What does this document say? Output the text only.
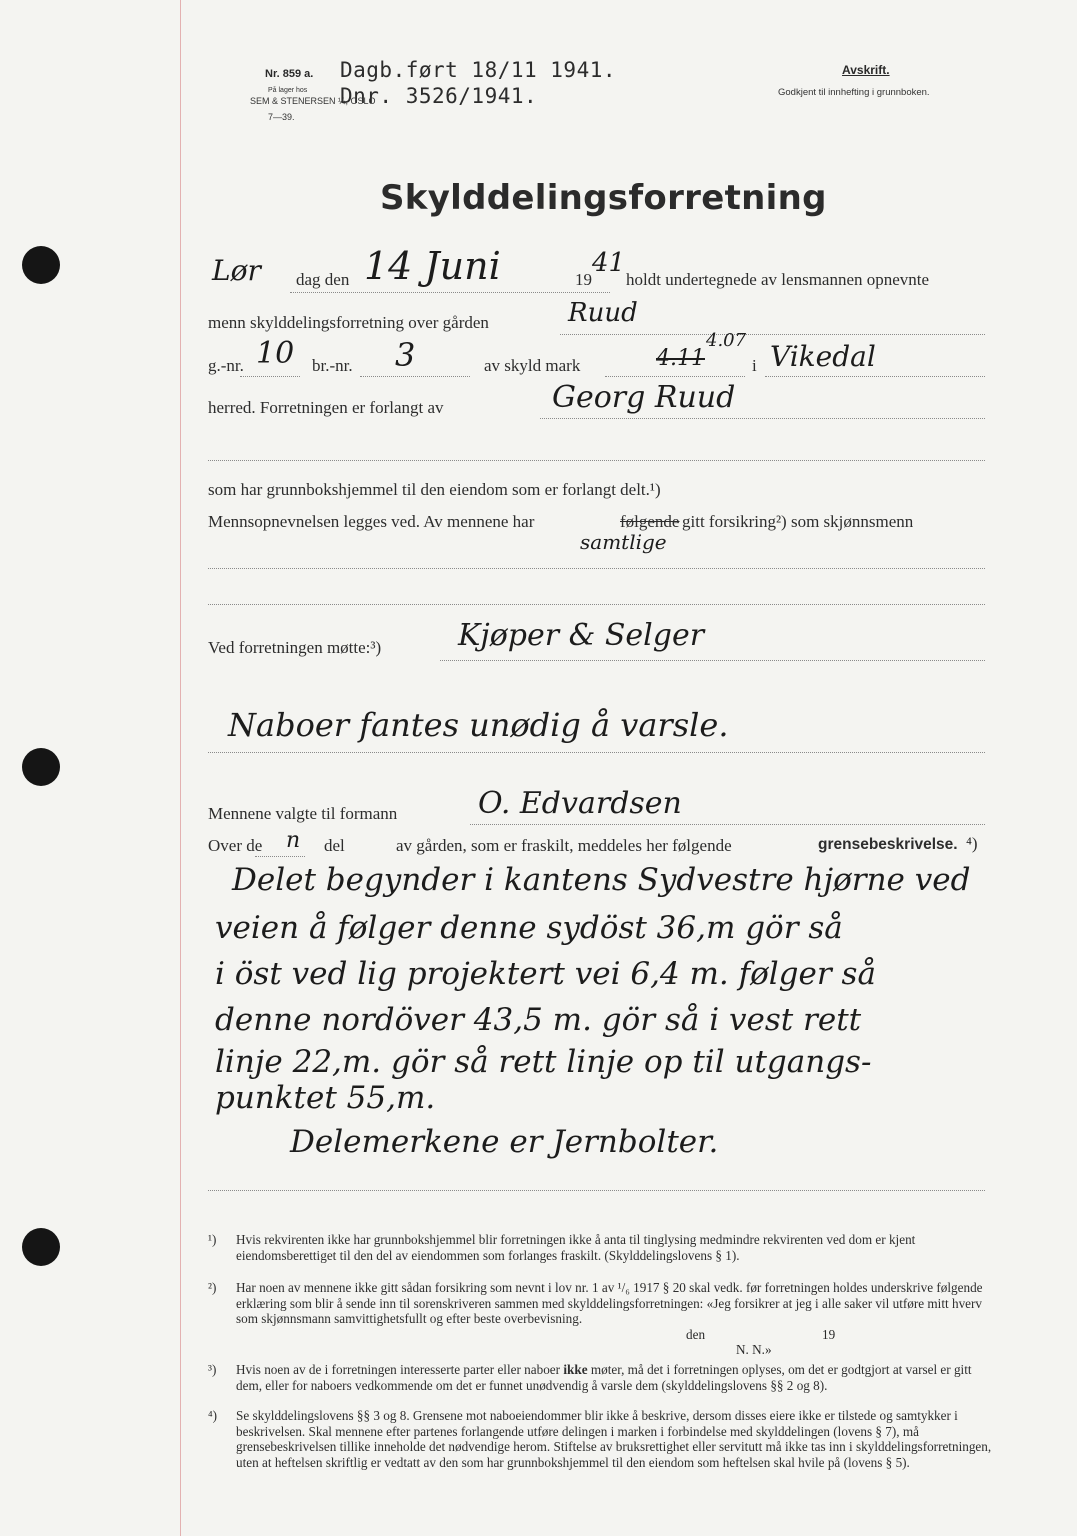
Nr. 859 a. Dagb.ført 18/11 1941.
Dnr. 3526/1941.
På lager hos
SEM & STENERSEN ¼, OSLO
7—39.
Avskrift.
Godkjent til innhefting i grunnboken.
Skylddelingsforretning
Lør dag den 14 Juni	19
41
holdt undertegnede av lensmannen opnevnte
menn skylddelingsforretning over gården	Ruud
g.-nr. 10 br.-nr. 3	av skyld mark	4.11
4.07
i Vikedal
herred. Forretningen er forlangt av	Georg Ruud
som har grunnbokshjemmel til den eiendom som er forlangt delt.¹)
Mennsopnevnelsen legges ved. Av mennene har	følgende gitt forsikring²) som skjønnsmenn
samtlige
Ved forretningen møtte:³)	Kjøper & Selger
Naboer fantes unødig å varsle.
Mennene valgte til formann	O. Edvardsen
Over de n del	av gården, som er fraskilt, meddeles her følgende	grensebeskrivelse. ⁴)
Delet begynder i kantens Sydvestre hjørne ved
veien å følger denne sydöst 36,m gör så
i öst ved lig projektert vei 6,4 m. følger så
denne nordöver 43,5 m. gör så i vest rett
linje 22,m. gör så rett linje op til utgangs-
punktet 55,m.
Delemerkene er Jernbolter.
¹) Hvis rekvirenten ikke har grunnbokshjemmel blir forretningen ikke å anta til tinglysing medmindre rekvirenten ved dom er kjent eiendomsberettiget til den del av eiendommen som forlanges fraskilt. (Skylddelingslovens § 1).
²) Har noen av mennene ikke gitt sådan forsikring som nevnt i lov nr. 1 av ¹/₆ 1917 § 20 skal vedk. før forretningen holdes underskrive følgende erklæring som blir å sende inn til sorenskriveren sammen med skylddelingsforretningen: «Jeg forsikrer at jeg i alle saker vil utføre mitt hverv som skjønnsmann samvittighetsfullt og efter beste overbevisning.
den	19
N. N.»
³) Hvis noen av de i forretningen interesserte parter eller naboer ikke møter, må det i forretningen oplyses, om det er godtgjort at varsel er gitt dem, eller for naboers vedkommende om det er funnet unødvendig å varsle dem (skylddelingslovens §§ 2 og 8).
⁴) Se skylddelingslovens §§ 3 og 8. Grensene mot naboeiendommer blir ikke å beskrive, dersom disses eiere ikke er tilstede og samtykker i beskrivelsen. Skal mennene efter partenes forlangende utføre delingen i marken i forbindelse med skylddelingen (lovens § 7), må grensebeskrivelsen tillike inneholde det nødvendige herom. Stiftelse av bruksrettighet eller servitutt må ikke tas inn i skylddelingsforretningen, uten at heftelsen skriftlig er vedtatt av den som har grunnbokshjemmel til den eiendom som heftelsen skal hvile på (lovens § 5).
